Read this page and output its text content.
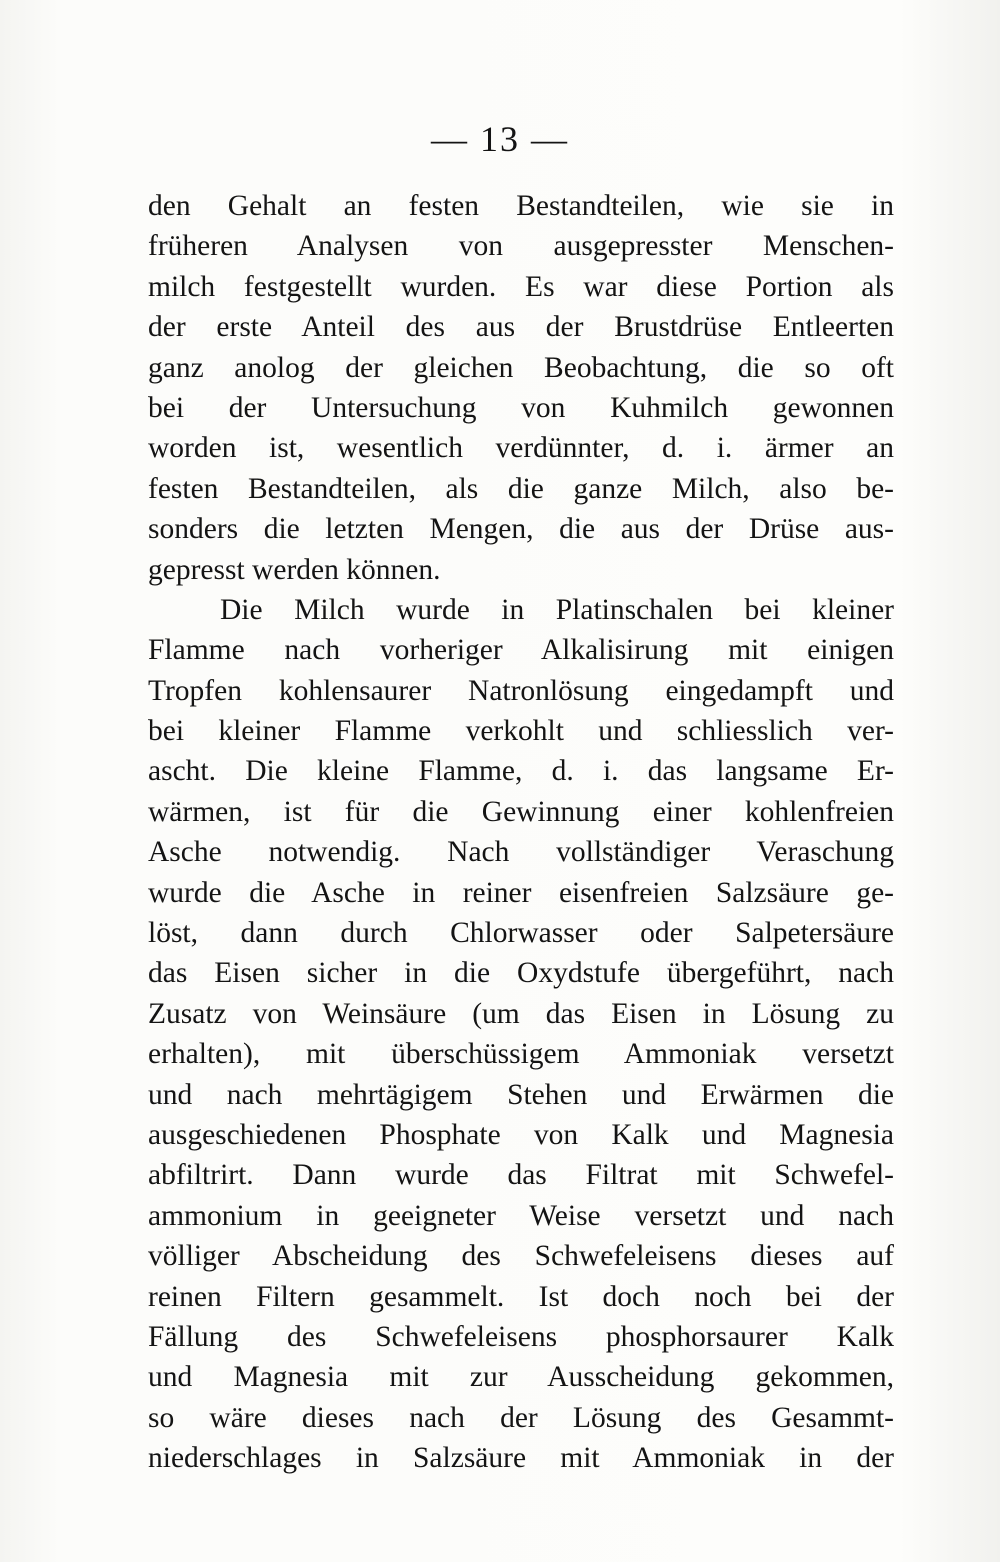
— 13 —
den Gehalt an festen Bestandteilen, wie sie in
früheren Analysen von ausgepresster Menschen-
milch festgestellt wurden. Es war diese Portion als
der erste Anteil des aus der Brustdrüse Entleerten
ganz anolog der gleichen Beobachtung, die so oft
bei der Untersuchung von Kuhmilch gewonnen
worden ist, wesentlich verdünnter, d. i. ärmer an
festen Bestandteilen, als die ganze Milch, also be-
sonders die letzten Mengen, die aus der Drüse aus-
gepresst werden können.
Die Milch wurde in Platinschalen bei kleiner
Flamme nach vorheriger Alkalisirung mit einigen
Tropfen kohlensaurer Natronlösung eingedampft und
bei kleiner Flamme verkohlt und schliesslich ver-
ascht. Die kleine Flamme, d. i. das langsame Er-
wärmen, ist für die Gewinnung einer kohlenfreien
Asche notwendig. Nach vollständiger Veraschung
wurde die Asche in reiner eisenfreien Salzsäure ge-
löst, dann durch Chlorwasser oder Salpetersäure
das Eisen sicher in die Oxydstufe übergeführt, nach
Zusatz von Weinsäure (um das Eisen in Lösung zu
erhalten), mit überschüssigem Ammoniak versetzt
und nach mehrtägigem Stehen und Erwärmen die
ausgeschiedenen Phosphate von Kalk und Magnesia
abfiltrirt. Dann wurde das Filtrat mit Schwefel-
ammonium in geeigneter Weise versetzt und nach
völliger Abscheidung des Schwefeleisens dieses auf
reinen Filtern gesammelt. Ist doch noch bei der
Fällung des Schwefeleisens phosphorsaurer Kalk
und Magnesia mit zur Ausscheidung gekommen,
so wäre dieses nach der Lösung des Gesammt-
niederschlages in Salzsäure mit Ammoniak in der
